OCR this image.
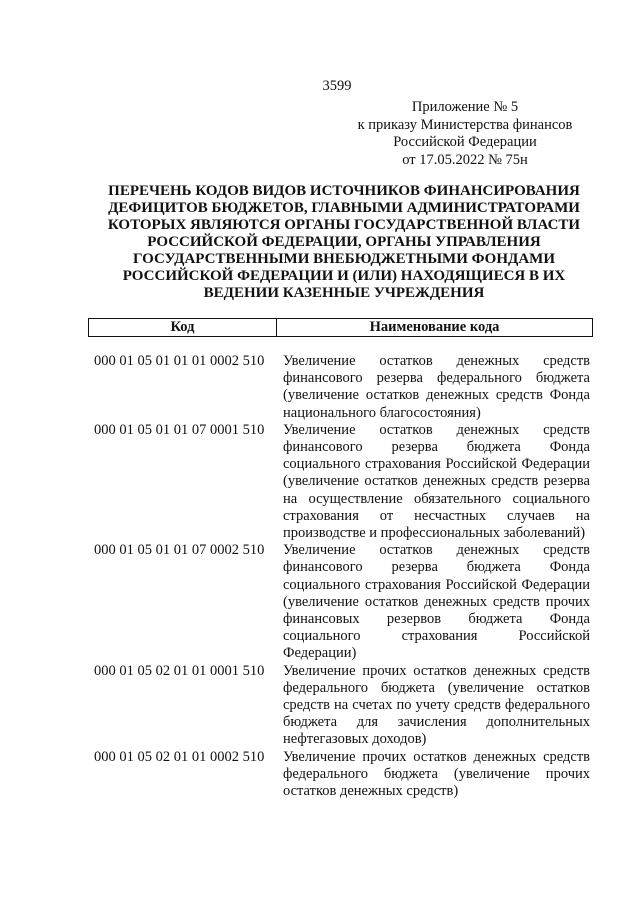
3599
Приложение № 5
к приказу Министерства финансов
Российской Федерации
от 17.05.2022 № 75н
ПЕРЕЧЕНЬ КОДОВ ВИДОВ ИСТОЧНИКОВ ФИНАНСИРОВАНИЯ ДЕФИЦИТОВ БЮДЖЕТОВ, ГЛАВНЫМИ АДМИНИСТРАТОРАМИ КОТОРЫХ ЯВЛЯЮТСЯ ОРГАНЫ ГОСУДАРСТВЕННОЙ ВЛАСТИ РОССИЙСКОЙ ФЕДЕРАЦИИ, ОРГАНЫ УПРАВЛЕНИЯ ГОСУДАРСТВЕННЫМИ ВНЕБЮДЖЕТНЫМИ ФОНДАМИ РОССИЙСКОЙ ФЕДЕРАЦИИ И (ИЛИ) НАХОДЯЩИЕСЯ В ИХ ВЕДЕНИИ КАЗЕННЫЕ УЧРЕЖДЕНИЯ
Код	Наименование кода
000 01 05 01 01 01 0002 510	Увеличение остатков денежных средств финансового резерва федерального бюджета (увеличение остатков денежных средств Фонда национального благосостояния)
000 01 05 01 01 07 0001 510	Увеличение остатков денежных средств финансового резерва бюджета Фонда социального страхования Российской Федерации (увеличение остатков денежных средств резерва на осуществление обязательного социального страхования от несчастных случаев на производстве и профессиональных заболеваний)
000 01 05 01 01 07 0002 510	Увеличение остатков денежных средств финансового резерва бюджета Фонда социального страхования Российской Федерации (увеличение остатков денежных средств прочих финансовых резервов бюджета Фонда социального страхования Российской Федерации)
000 01 05 02 01 01 0001 510	Увеличение прочих остатков денежных средств федерального бюджета (увеличение остатков средств на счетах по учету средств федерального бюджета для зачисления дополнительных нефтегазовых доходов)
000 01 05 02 01 01 0002 510	Увеличение прочих остатков денежных средств федерального бюджета (увеличение прочих остатков денежных средств)
